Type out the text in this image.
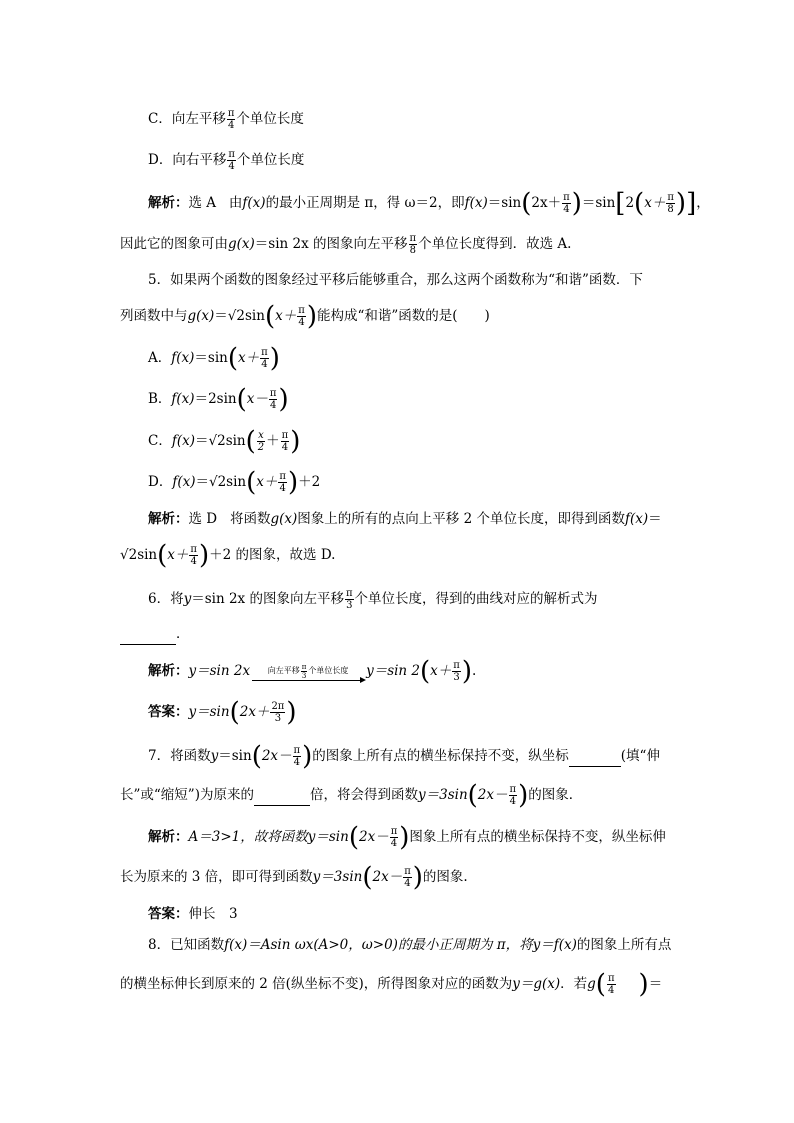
C．向左平移 $\frac{\pi}{4}$ 个单位长度
D．向右平移 $\frac{\pi}{4}$ 个单位长度
解析：选 A 由f(x)的最小正周期是 π，得 ω＝2，即$f(x)=\sin(2x+ \frac{\pi}{4} )=\sin[2(x+ \frac{\pi}{8}$ )]，
因此它的图象可由g(x)＝sin 2x 的图象向左平移 $\frac{\pi}{8}$ 个单位长度得到．故选 A.
5．如果两个函数的图象经过平移后能够重合，那么这两个函数称为“和谐”函数．下
列函数中与$g(x)=√2\sin(x+ \frac{\pi}{4}$ )能构成“和谐”函数的是(　　)
A．$f(x)=\sin(x+ \frac{\pi}{4}$ )
B．$f(x)=2\sin(x- \frac{\pi}{4}$ )
C．$f(x)=√2\sin( \frac{x}{2} + \frac{\pi}{4}$ )
D．$f(x)=√2\sin(x+ \frac{\pi}{4} )+2$
解析：选 D 将函数g(x)图象上的所有的点向上平移 2 个单位长度，即得到函数f(x)＝
$√2\sin(x+ \frac{\pi}{4} )+2$ 的图象，故选 D.
6．将y＝sin 2x 的图象向左平移 $\frac{\pi}{3}$ 个单位长度，得到的曲线对应的解析式为
．
解析：y＝sin 2x 向左平移 $\frac{\pi}{3}$ 个单位长度 y＝sin $2(x+ \frac{\pi}{3}$ ).
答案：$y=\sin(2x+ \frac{2\pi}{3}$ )
7．将函数$y=\sin(2x- \frac{\pi}{4}$ )的图象上所有点的横坐标保持不变，纵坐标	(填“伸
长”或“缩短”)为原来的	倍，将会得到函数$y=3\sin(2x- \frac{\pi}{4}$ )的图象．
解析：A＝3>1，故将函数$y=\sin(2x- \frac{\pi}{4}$ )图象上所有点的横坐标保持不变，纵坐标伸
长为原来的 3 倍，即可得到函数$y=3\sin(2x- \frac{\pi}{4}$ )的图象.
答案：伸长　3
8．已知函数f(x)＝Asin ωx(A>0，ω>0)的最小正周期为 π，将y＝f(x)的图象上所有点
的横坐标伸长到原来的 2 倍(纵坐标不变)，所得图象对应的函数为y＝g(x)．若$g( \frac{\pi}{4}$ )＝
